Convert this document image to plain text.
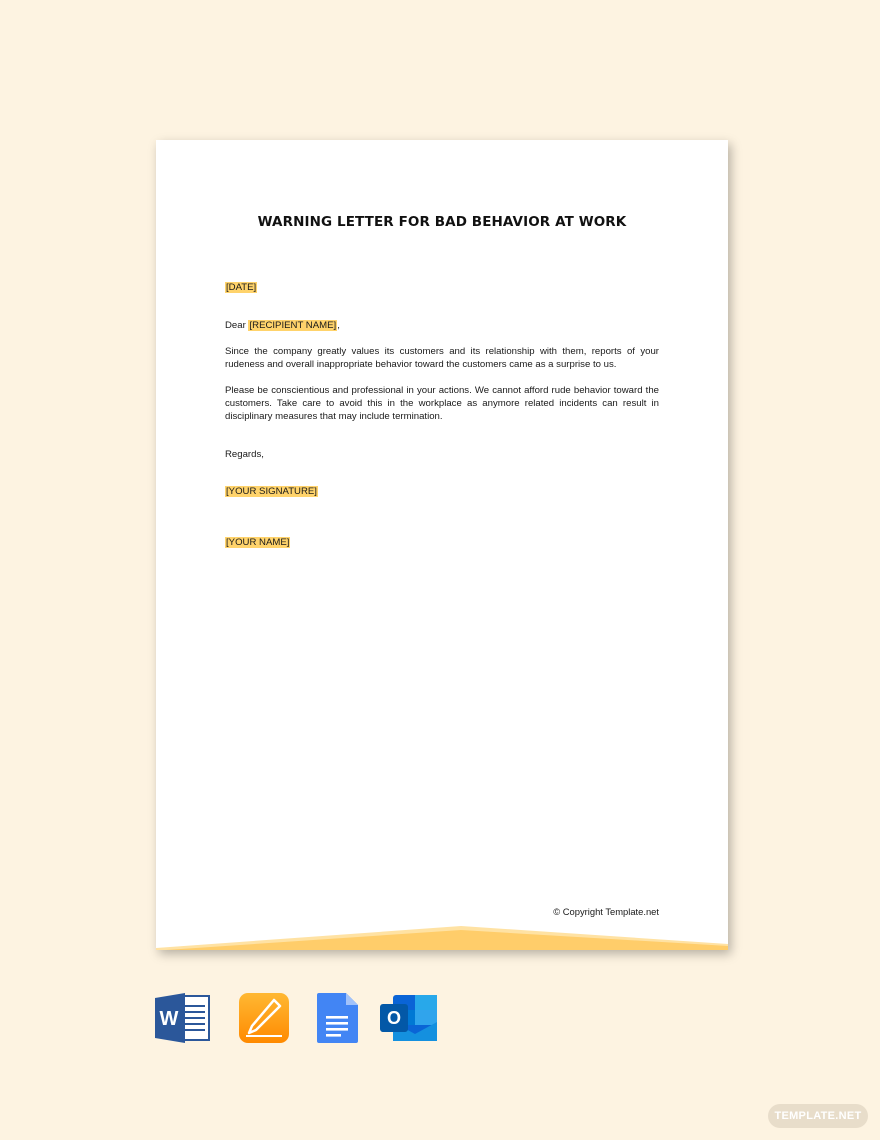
WARNING LETTER FOR BAD BEHAVIOR AT WORK
[DATE]
Dear [RECIPIENT NAME],
Since the company greatly values its customers and its relationship with them, reports of your rudeness and overall inappropriate behavior toward the customers came as a surprise to us.
Please be conscientious and professional in your actions. We cannot afford rude behavior toward the customers. Take care to avoid this in the workplace as anymore related incidents can result in disciplinary measures that may include termination.
Regards,
[YOUR SIGNATURE]
[YOUR NAME]
© Copyright Template.net
W	O
TEMPLATE.NET
